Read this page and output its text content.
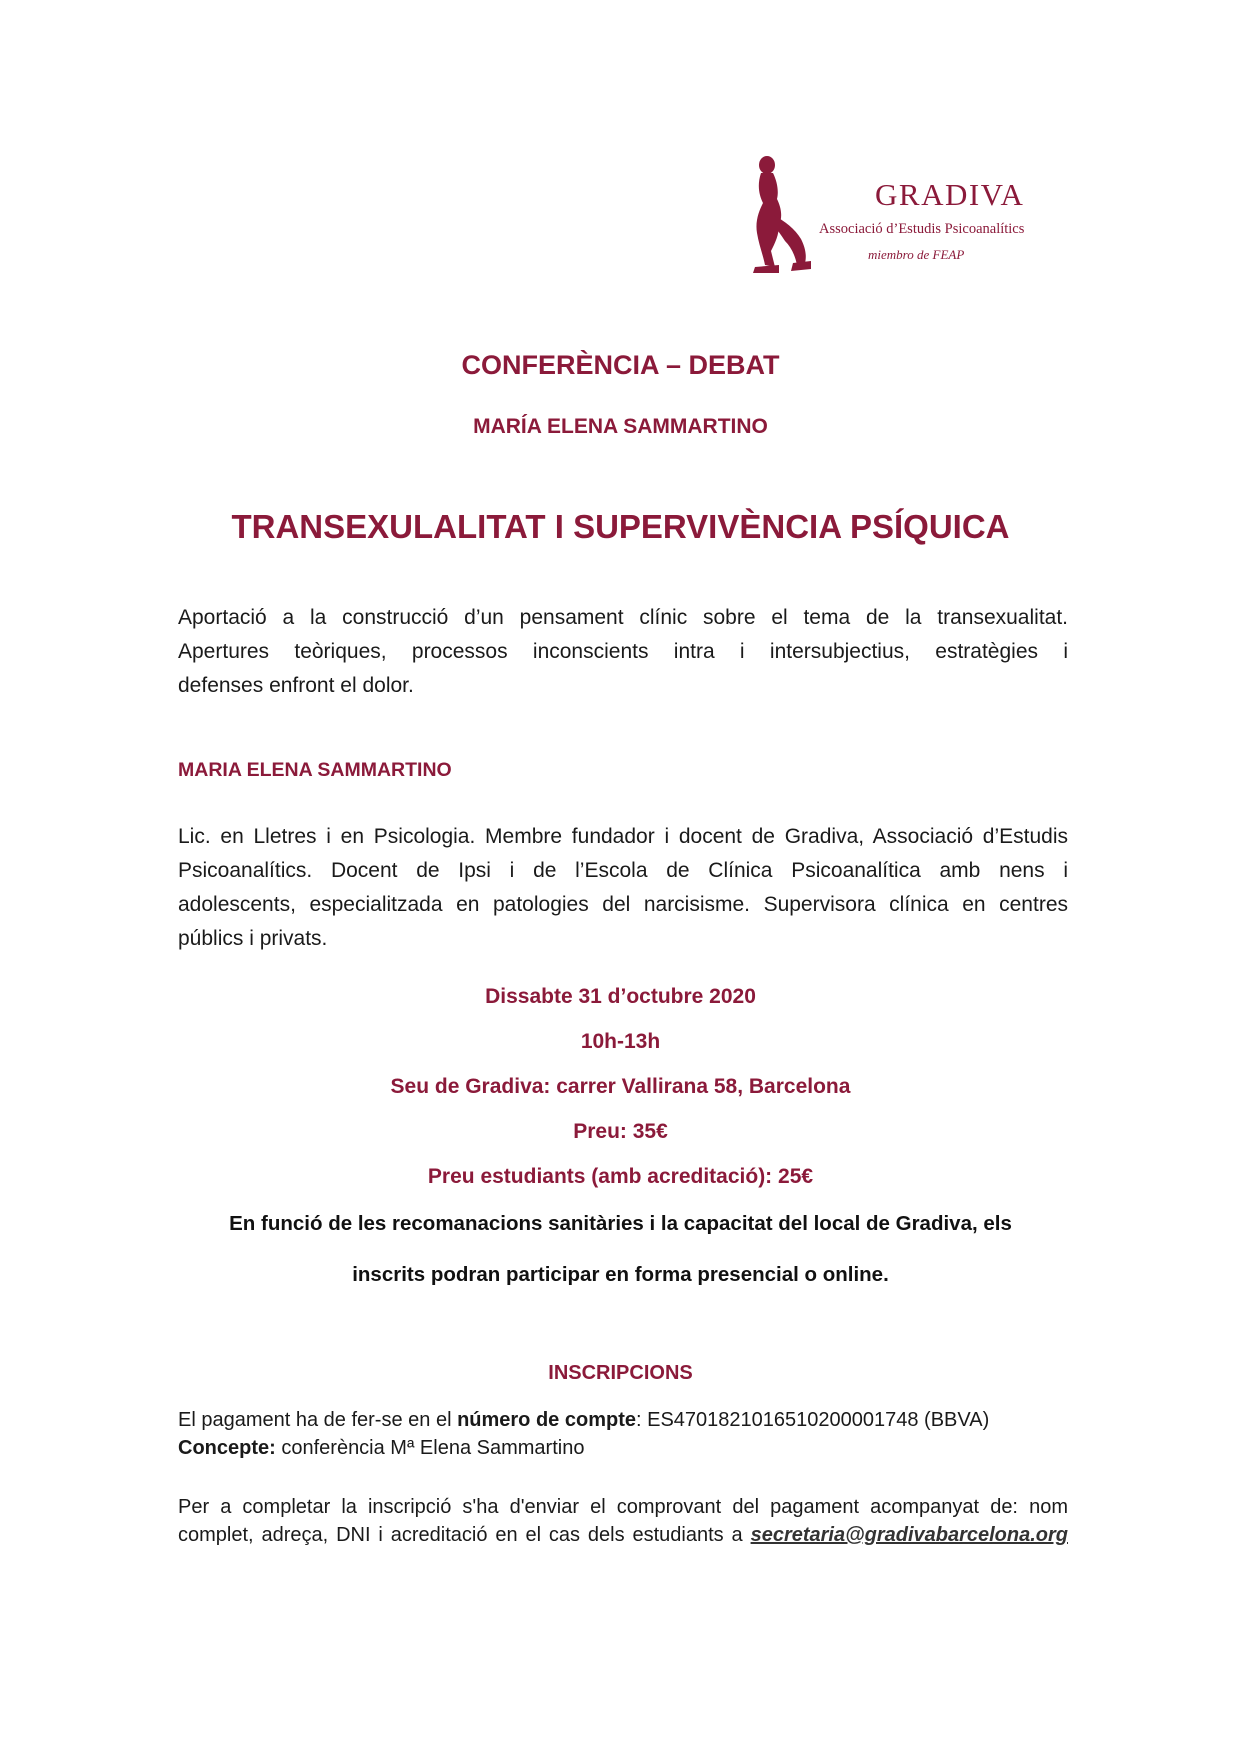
GRADIVA
Associació d’Estudis Psicoanalítics
miembro de FEAP
CONFERÈNCIA – DEBAT
MARÍA ELENA SAMMARTINO
TRANSEXULALITAT I SUPERVIVÈNCIA PSÍQUICA
Aportació a la construcció d’un pensament clínic sobre el tema de la transexualitat.
Apertures teòriques, processos inconscients intra i intersubjectius, estratègies i
defenses enfront el dolor.
MARIA ELENA SAMMARTINO
Lic. en Lletres i en Psicologia. Membre fundador i docent de Gradiva, Associació d’Estudis
Psicoanalítics. Docent de Ipsi i de l’Escola de Clínica Psicoanalítica amb nens i
adolescents, especialitzada en patologies del narcisisme. Supervisora clínica en centres
públics i privats.
Dissabte 31 d’octubre 2020
10h-13h
Seu de Gradiva: carrer Vallirana 58, Barcelona
Preu: 35€
Preu estudiants (amb acreditació): 25€
En funció de les recomanacions sanitàries i la capacitat del local de Gradiva, els
inscrits podran participar en forma presencial o online.
INSCRIPCIONS
El pagament ha de fer-se en el número de compte: ES4701821016510200001748 (BBVA)
Concepte: conferència Mª Elena Sammartino
Per a completar la inscripció s'ha d'enviar el comprovant del pagament acompanyat de: nom
complet, adreça, DNI i acreditació en el cas dels estudiants a secretaria@gradivabarcelona.org
